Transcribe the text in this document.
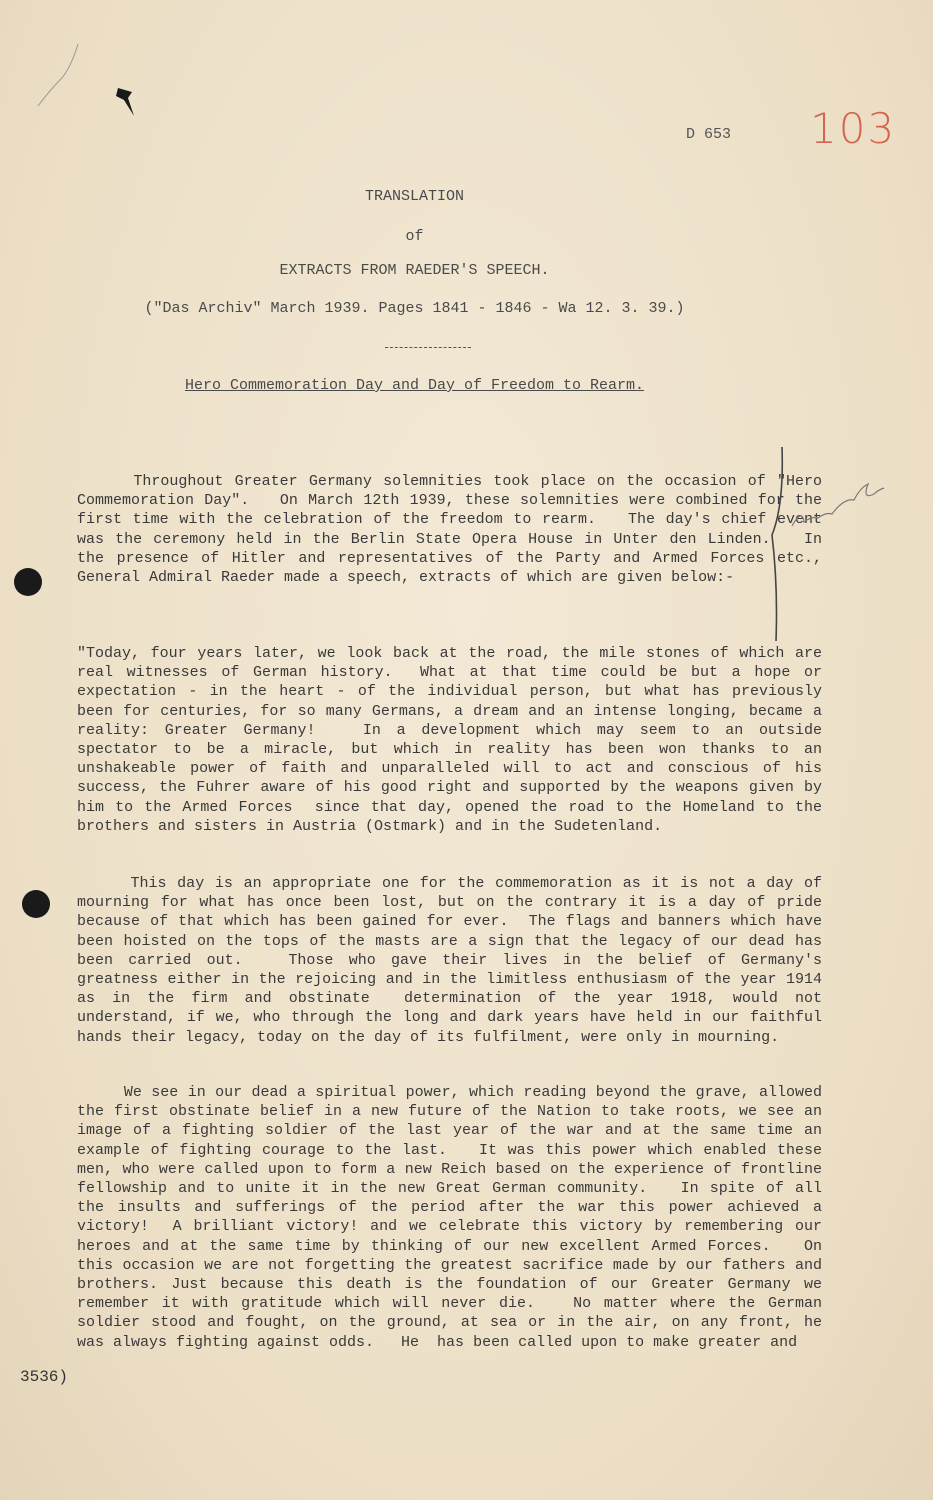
D 653 103
TRANSLATION
of
EXTRACTS FROM RAEDER'S SPEECH.
("Das Archiv" March 1939. Pages 1841 - 1846 - Wa 12. 3. 39.)
Hero Commemoration Day and Day of Freedom to Rearm.
Throughout Greater Germany solemnities took place on the occasion of "Hero Commemoration Day".   On March 12th 1939, these solemnities were combined for the first time with the celebration of the freedom to rearm.   The day's chief event was the ceremony held in the Berlin State Opera House in Unter den Linden.   In the presence of Hitler and representatives of the Party and Armed Forces etc., General Admiral Raeder made a speech, extracts of which are given below:-
"Today, four years later, we look back at the road, the mile stones of which are real witnesses of German history.  What at that time could be but a hope or expectation - in the heart - of the individual person, but what has previously been for centuries, for so many Germans, a dream and an intense longing, became a reality: Greater Germany!   In a development which may seem to an outside spectator to be a miracle, but which in reality has been won thanks to an unshakeable power of faith and unparalleled will to act and conscious of his success, the Fuhrer aware of his good right and supported by the weapons given by him to the Armed Forces  since that day, opened the road to the Homeland to the brothers and sisters in Austria (Ostmark) and in the Sudetenland.
This day is an appropriate one for the commemoration as it is not a day of mourning for what has once been lost, but on the contrary it is a day of pride because of that which has been gained for ever.  The flags and banners which have been hoisted on the tops of the masts are a sign that the legacy of our dead has been carried out.   Those who gave their lives in the belief of Germany's greatness either in the rejoicing and in the limitless enthusiasm of the year 1914 as in the firm and obstinate  determination of the year 1918, would not understand, if we, who through the long and dark years have held in our faithful hands their legacy, today on the day of its fulfilment, were only in mourning.
We see in our dead a spiritual power, which reading beyond the grave, allowed the first obstinate belief in a new future of the Nation to take roots, we see an image of a fighting soldier of the last year of the war and at the same time an example of fighting courage to the last.   It was this power which enabled these men, who were called upon to form a new Reich based on the experience of frontline fellowship and to unite it in the new Great German community.   In spite of all the insults and sufferings of the period after the war this power achieved a victory!  A brilliant victory! and we celebrate this victory by remembering our  heroes and at the same time by thinking of our new excellent Armed Forces.   On this occasion we are not forgetting the greatest sacrifice made by our fathers and brothers. Just because this death is the foundation of our Greater Germany we remember it with gratitude which will never die.   No matter where the German soldier stood and fought, on the ground, at sea or in the air, on any front, he was always fighting against odds.   He  has been called upon to make greater and
3536)
